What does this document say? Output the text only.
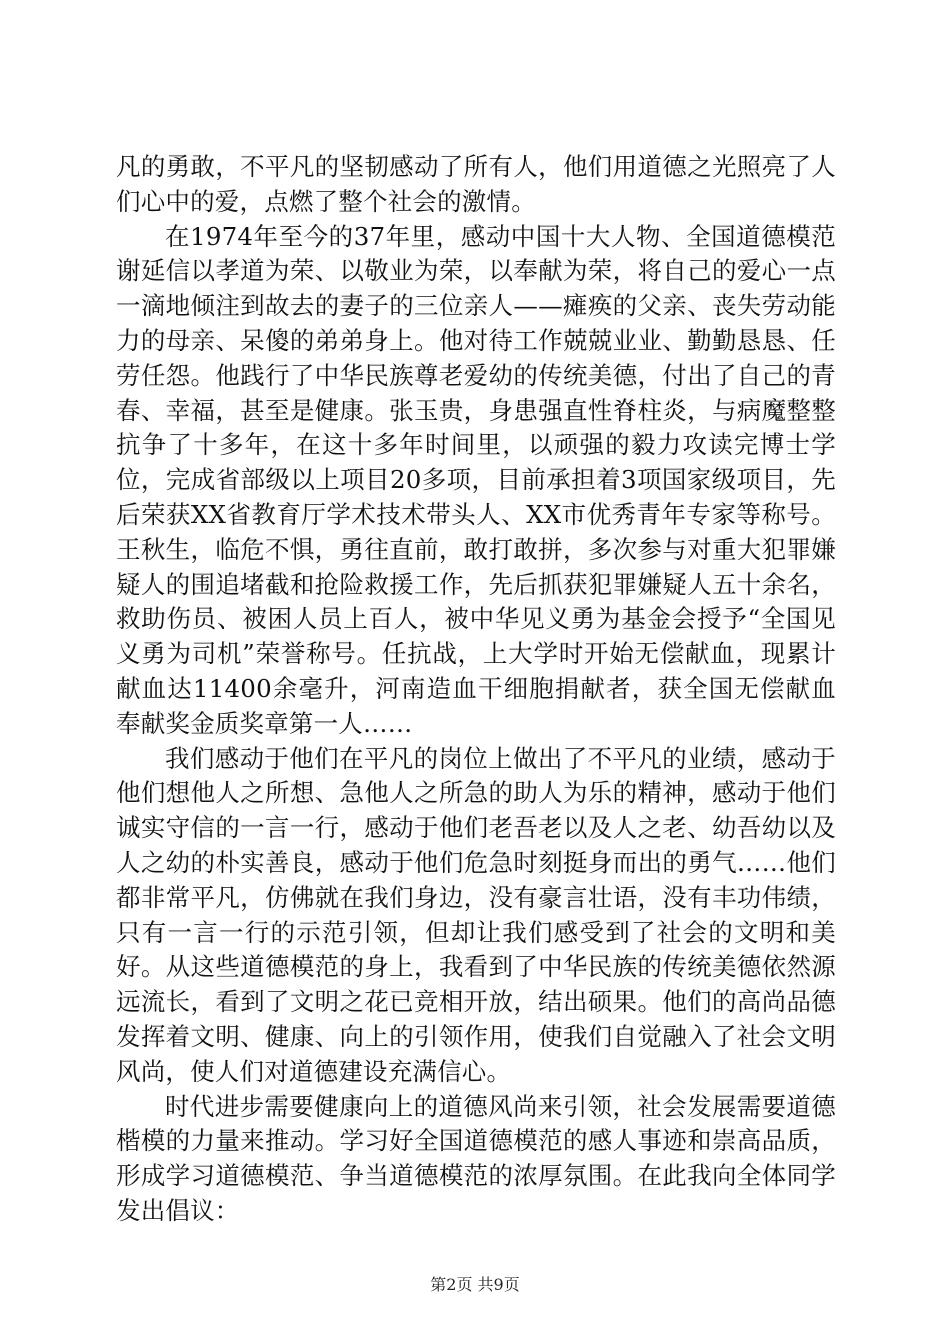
凡的勇敢，不平凡的坚韧感动了所有人，他们用道德之光照亮了人们心中的爱，点燃了整个社会的激情。

在1974年至今的37年里，感动中国十大人物、全国道德模范谢延信以孝道为荣、以敬业为荣，以奉献为荣，将自己的爱心一点一滴地倾注到故去的妻子的三位亲人——瘫痪的父亲、丧失劳动能力的母亲、呆傻的弟弟身上。他对待工作兢兢业业、勤勤恳恳、任劳任怨。他践行了中华民族尊老爱幼的传统美德，付出了自己的青春、幸福，甚至是健康。张玉贵，身患强直性脊柱炎，与病魔整整抗争了十多年，在这十多年时间里，以顽强的毅力攻读完博士学位，完成省部级以上项目20多项，目前承担着3项国家级项目，先后荣获XX省教育厅学术技术带头人、XX市优秀青年专家等称号。王秋生，临危不惧，勇往直前，敢打敢拼，多次参与对重大犯罪嫌疑人的围追堵截和抢险救援工作，先后抓获犯罪嫌疑人五十余名，救助伤员、被困人员上百人，被中华见义勇为基金会授予“全国见义勇为司机”荣誉称号。任抗战，上大学时开始无偿献血，现累计献血达11400余毫升，河南造血干细胞捐献者，获全国无偿献血奉献奖金质奖章第一人……

我们感动于他们在平凡的岗位上做出了不平凡的业绩，感动于他们想他人之所想、急他人之所急的助人为乐的精神，感动于他们诚实守信的一言一行，感动于他们老吾老以及人之老、幼吾幼以及人之幼的朴实善良，感动于他们危急时刻挺身而出的勇气……他们都非常平凡，仿佛就在我们身边，没有豪言壮语，没有丰功伟绩，只有一言一行的示范引领，但却让我们感受到了社会的文明和美好。从这些道德模范的身上，我看到了中华民族的传统美德依然源远流长，看到了文明之花已竞相开放，结出硕果。他们的高尚品德发挥着文明、健康、向上的引领作用，使我们自觉融入了社会文明风尚，使人们对道德建设充满信心。

时代进步需要健康向上的道德风尚来引领，社会发展需要道德楷模的力量来推动。学习好全国道德模范的感人事迹和崇高品质，形成学习道德模范、争当道德模范的浓厚氛围。在此我向全体同学发出倡议：

第2页 共9页
